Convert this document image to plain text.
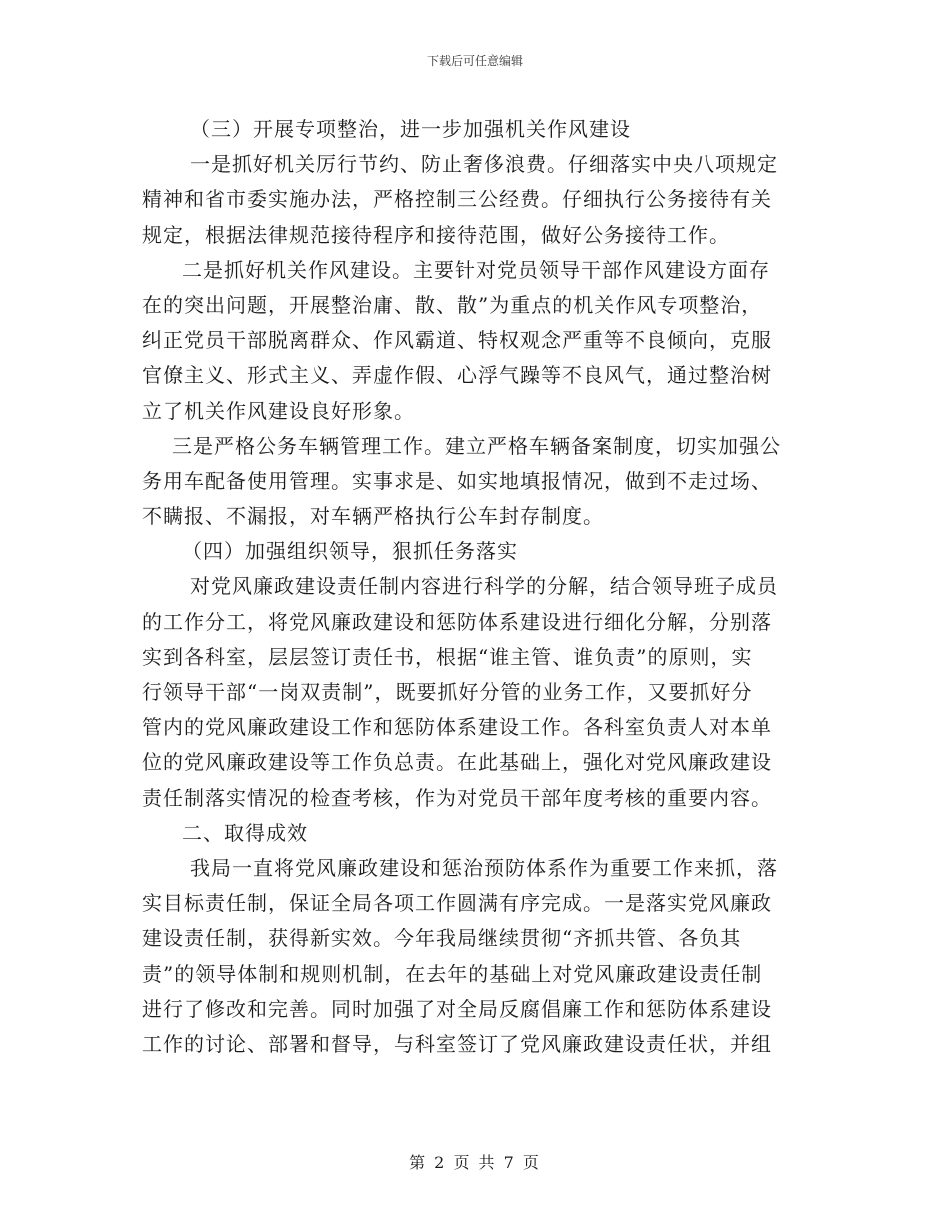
下载后可任意编辑
（三）开展专项整治，进一步加强机关作风建设
一是抓好机关厉行节约、防止奢侈浪费。仔细落实中央八项规定
精神和省市委实施办法，严格控制三公经费。仔细执行公务接待有关
规定，根据法律规范接待程序和接待范围，做好公务接待工作。
二是抓好机关作风建设。主要针对党员领导干部作风建设方面存
在的突出问题，开展整治庸、散、散”为重点的机关作风专项整治，
纠正党员干部脱离群众、作风霸道、特权观念严重等不良倾向，克服
官僚主义、形式主义、弄虚作假、心浮气躁等不良风气，通过整治树
立了机关作风建设良好形象。
三是严格公务车辆管理工作。建立严格车辆备案制度，切实加强公
务用车配备使用管理。实事求是、如实地填报情况，做到不走过场、
不瞒报、不漏报，对车辆严格执行公车封存制度。
（四）加强组织领导，狠抓任务落实
对党风廉政建设责任制内容进行科学的分解，结合领导班子成员
的工作分工，将党风廉政建设和惩防体系建设进行细化分解，分别落
实到各科室，层层签订责任书，根据“谁主管、谁负责”的原则，实
行领导干部“一岗双责制”，既要抓好分管的业务工作，又要抓好分
管内的党风廉政建设工作和惩防体系建设工作。各科室负责人对本单
位的党风廉政建设等工作负总责。在此基础上，强化对党风廉政建设
责任制落实情况的检查考核，作为对党员干部年度考核的重要内容。
二、取得成效
我局一直将党风廉政建设和惩治预防体系作为重要工作来抓，落
实目标责任制，保证全局各项工作圆满有序完成。一是落实党风廉政
建设责任制，获得新实效。今年我局继续贯彻“齐抓共管、各负其
责”的领导体制和规则机制，在去年的基础上对党风廉政建设责任制
进行了修改和完善。同时加强了对全局反腐倡廉工作和惩防体系建设
工作的讨论、部署和督导，与科室签订了党风廉政建设责任状，并组
第 2 页 共 7 页
